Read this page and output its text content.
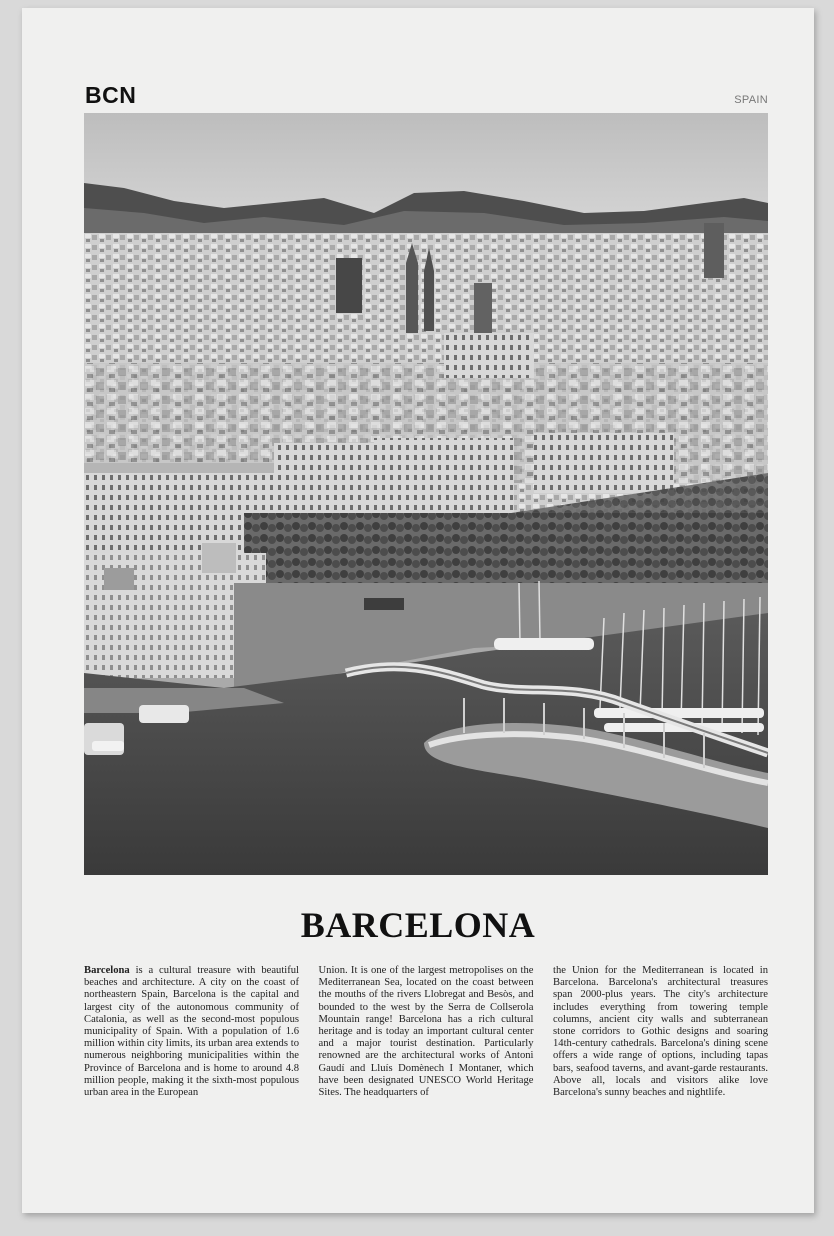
BCN	SPAIN
BARCELONA
Barcelona is a cultural treasure with beautiful beaches and architecture. A city on the coast of northeastern Spain, Barcelona is the capital and largest city of the autonomous community of Catalonia, as well as the second-most populous municipality of Spain. With a population of 1.6 million within city limits, its urban area extends to numerous neighboring municipalities within the Province of Barcelona and is home to around 4.8 million people, making it the sixth-most populous urban area in the European
Union. It is one of the largest metropolises on the Mediterranean Sea, located on the coast between the mouths of the rivers Llobregat and Besòs, and bounded to the west by the Serra de Collserola Mountain range! Barcelona has a rich cultural heritage and is today an important cultural center and a major tourist destination. Particularly renowned are the architectural works of Antoni Gaudí and Lluís Domènech I Montaner, which have been designated UNESCO World Heritage Sites. The headquarters of
the Union for the Mediterranean is located in Barcelona. Barcelona's architectural treasures span 2000-plus years. The city's architecture includes everything from towering temple columns, ancient city walls and subterranean stone corridors to Gothic designs and soaring 14th-century cathedrals. Barcelona's dining scene offers a wide range of options, including tapas bars, seafood taverns, and avant-garde restaurants. Above all, locals and visitors alike love Barcelona's sunny beaches and nightlife.
